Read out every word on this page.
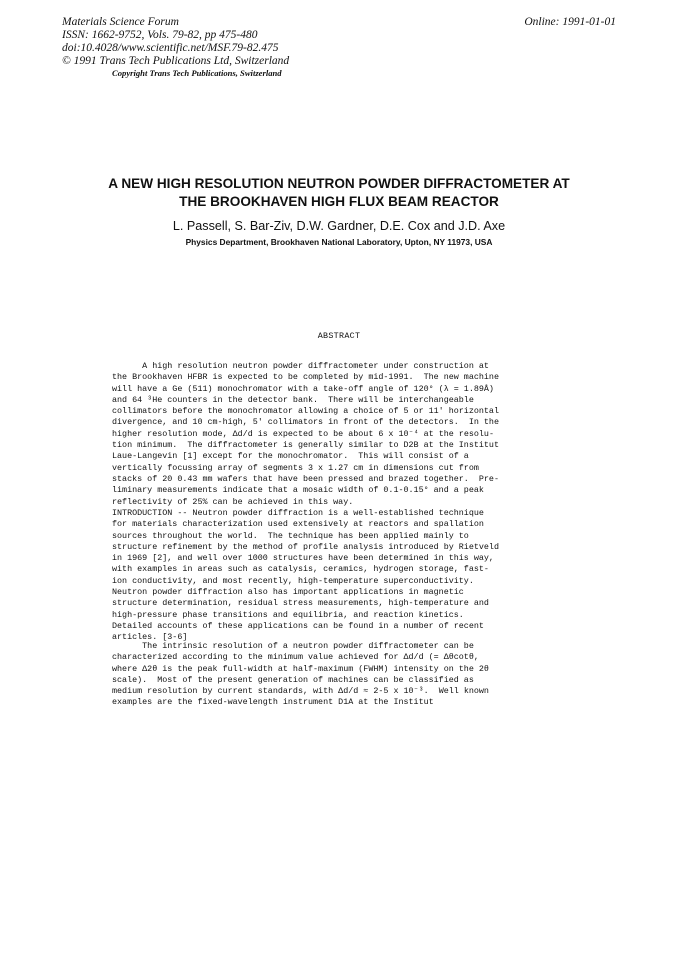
Materials Science Forum
ISSN: 1662-9752, Vols. 79-82, pp 475-480
doi:10.4028/www.scientific.net/MSF.79-82.475
© 1991 Trans Tech Publications Ltd, Switzerland
Online: 1991-01-01
Copyright Trans Tech Publications, Switzerland
A NEW HIGH RESOLUTION NEUTRON POWDER DIFFRACTOMETER AT
THE BROOKHAVEN HIGH FLUX BEAM REACTOR
L. Passell, S. Bar-Ziv, D.W. Gardner, D.E. Cox and J.D. Axe
Physics Department, Brookhaven National Laboratory, Upton, NY 11973, USA
ABSTRACT
A high resolution neutron powder diffractometer under construction at
the Brookhaven HFBR is expected to be completed by mid-1991.  The new machine
will have a Ge (511) monochromator with a take-off angle of 120° (λ = 1.89Å)
and 64 ³He counters in the detector bank.  There will be interchangeable
collimators before the monochromator allowing a choice of 5 or 11' horizontal
divergence, and 10 cm-high, 5' collimators in front of the detectors.  In the
higher resolution mode, Δd/d is expected to be about 6 x 10⁻⁴ at the resolu-
tion minimum.  The diffractometer is generally similar to D2B at the Institut
Laue-Langevin [1] except for the monochromator.  This will consist of a
vertically focussing array of segments 3 x 1.27 cm in dimensions cut from
stacks of 20 0.43 mm wafers that have been pressed and brazed together.  Pre-
liminary measurements indicate that a mosaic width of 0.1-0.15° and a peak
reflectivity of 25% can be achieved in this way.
INTRODUCTION -- Neutron powder diffraction is a well-established technique
for materials characterization used extensively at reactors and spallation
sources throughout the world.  The technique has been applied mainly to
structure refinement by the method of profile analysis introduced by Rietveld
in 1969 [2], and well over 1000 structures have been determined in this way,
with examples in areas such as catalysis, ceramics, hydrogen storage, fast-
ion conductivity, and most recently, high-temperature superconductivity.
Neutron powder diffraction also has important applications in magnetic
structure determination, residual stress measurements, high-temperature and
high-pressure phase transitions and equilibria, and reaction kinetics.
Detailed accounts of these applications can be found in a number of recent
articles. [3-6]
The intrinsic resolution of a neutron powder diffractometer can be
characterized according to the minimum value achieved for Δd/d (= Δθcotθ,
where Δ2θ is the peak full-width at half-maximum (FWHM) intensity on the 2θ
scale).  Most of the present generation of machines can be classified as
medium resolution by current standards, with Δd/d ≈ 2-5 x 10⁻³.  Well known
examples are the fixed-wavelength instrument D1A at the Institut
